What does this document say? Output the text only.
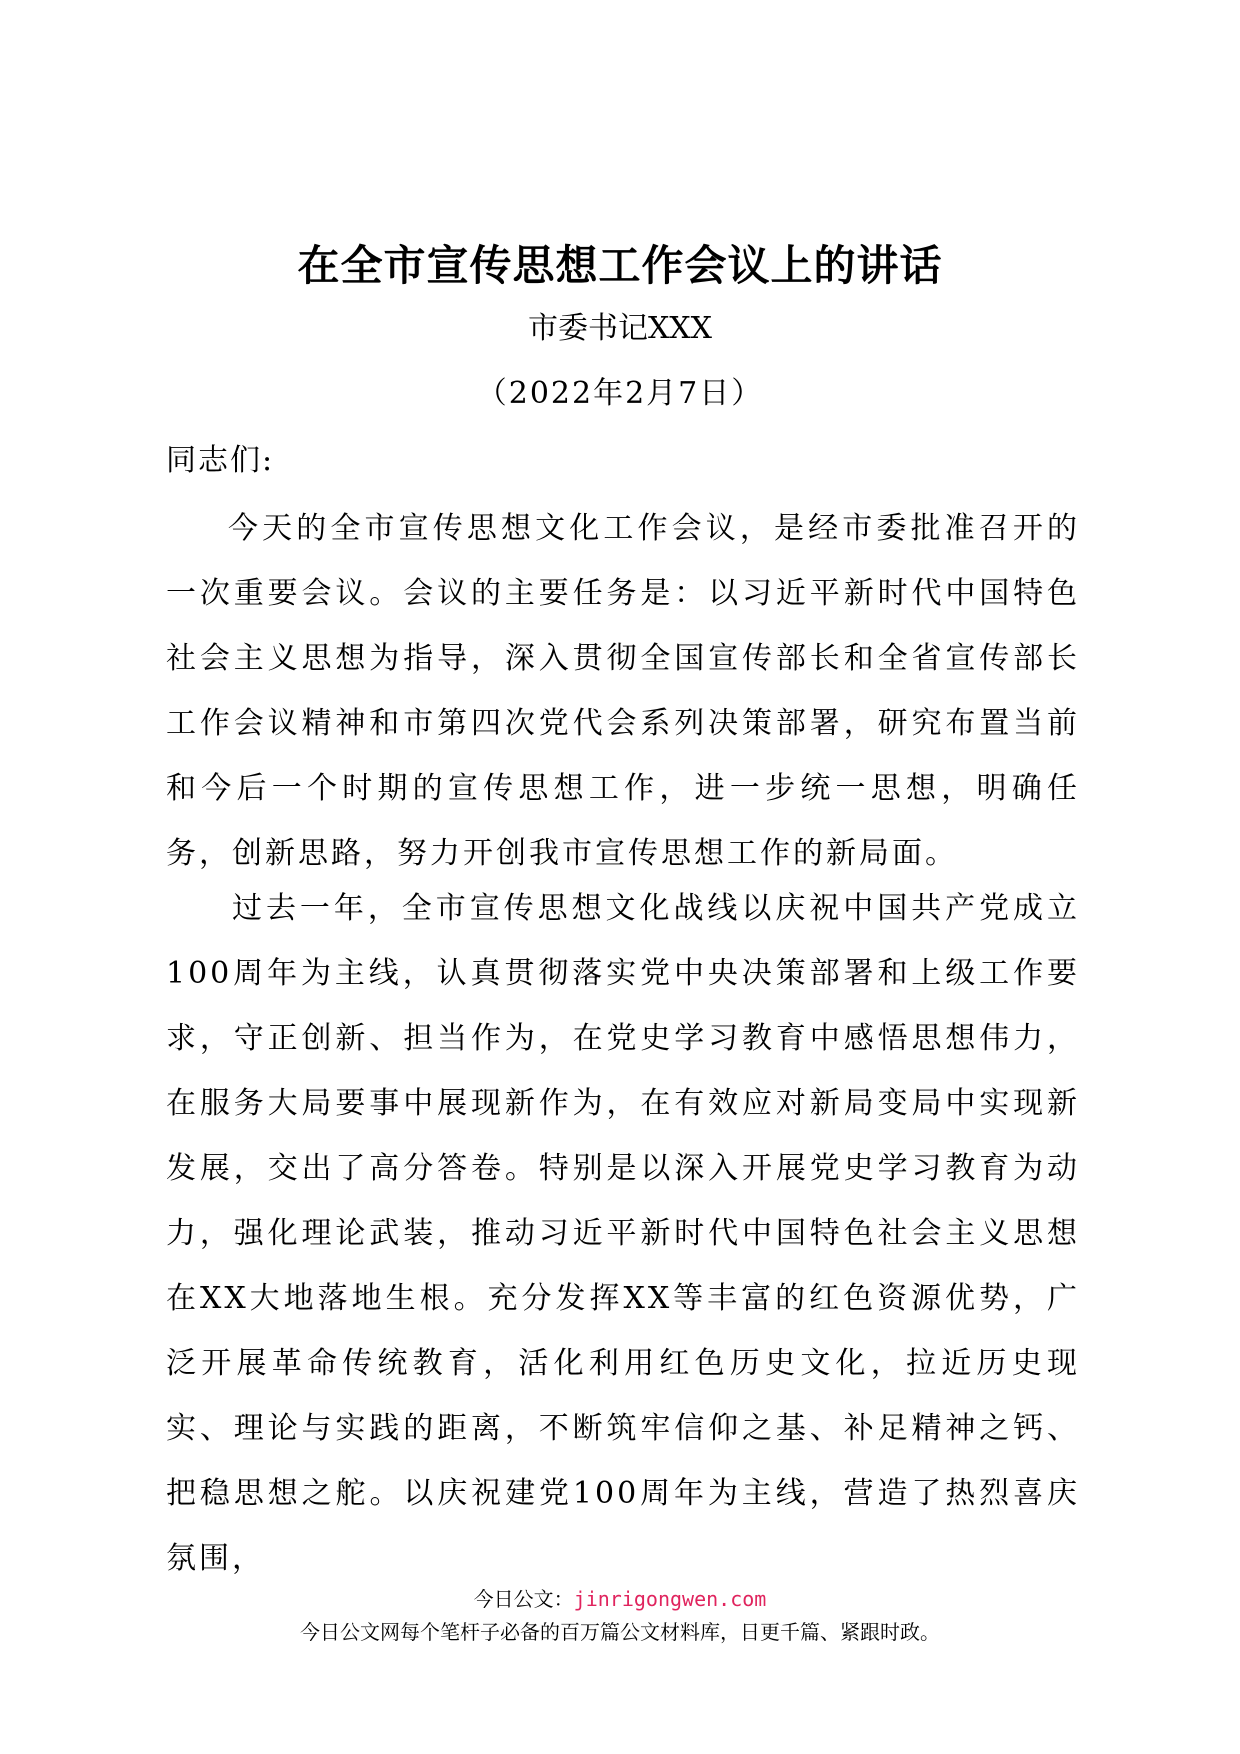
在全市宣传思想工作会议上的讲话
市委书记XXX
（2022年2月7日）
同志们:
今天的全市宣传思想文化工作会议，是经市委批准召开的一次重要会议。会议的主要任务是：以习近平新时代中国特色社会主义思想为指导，深入贯彻全国宣传部长和全省宣传部长工作会议精神和市第四次党代会系列决策部署，研究布置当前和今后一个时期的宣传思想工作，进一步统一思想，明确任务，创新思路，努力开创我市宣传思想工作的新局面。
过去一年，全市宣传思想文化战线以庆祝中国共产党成立100周年为主线，认真贯彻落实党中央决策部署和上级工作要求，守正创新、担当作为，在党史学习教育中感悟思想伟力，在服务大局要事中展现新作为，在有效应对新局变局中实现新发展，交出了高分答卷。特别是以深入开展党史学习教育为动力，强化理论武装，推动习近平新时代中国特色社会主义思想在XX大地落地生根。充分发挥XX等丰富的红色资源优势，广泛开展革命传统教育，活化利用红色历史文化，拉近历史现实、理论与实践的距离，不断筑牢信仰之基、补足精神之钙、把稳思想之舵。以庆祝建党100周年为主线，营造了热烈喜庆氛围，
今日公文：jinrigongwen.com
今日公文网每个笔杆子必备的百万篇公文材料库，日更千篇、紧跟时政。
